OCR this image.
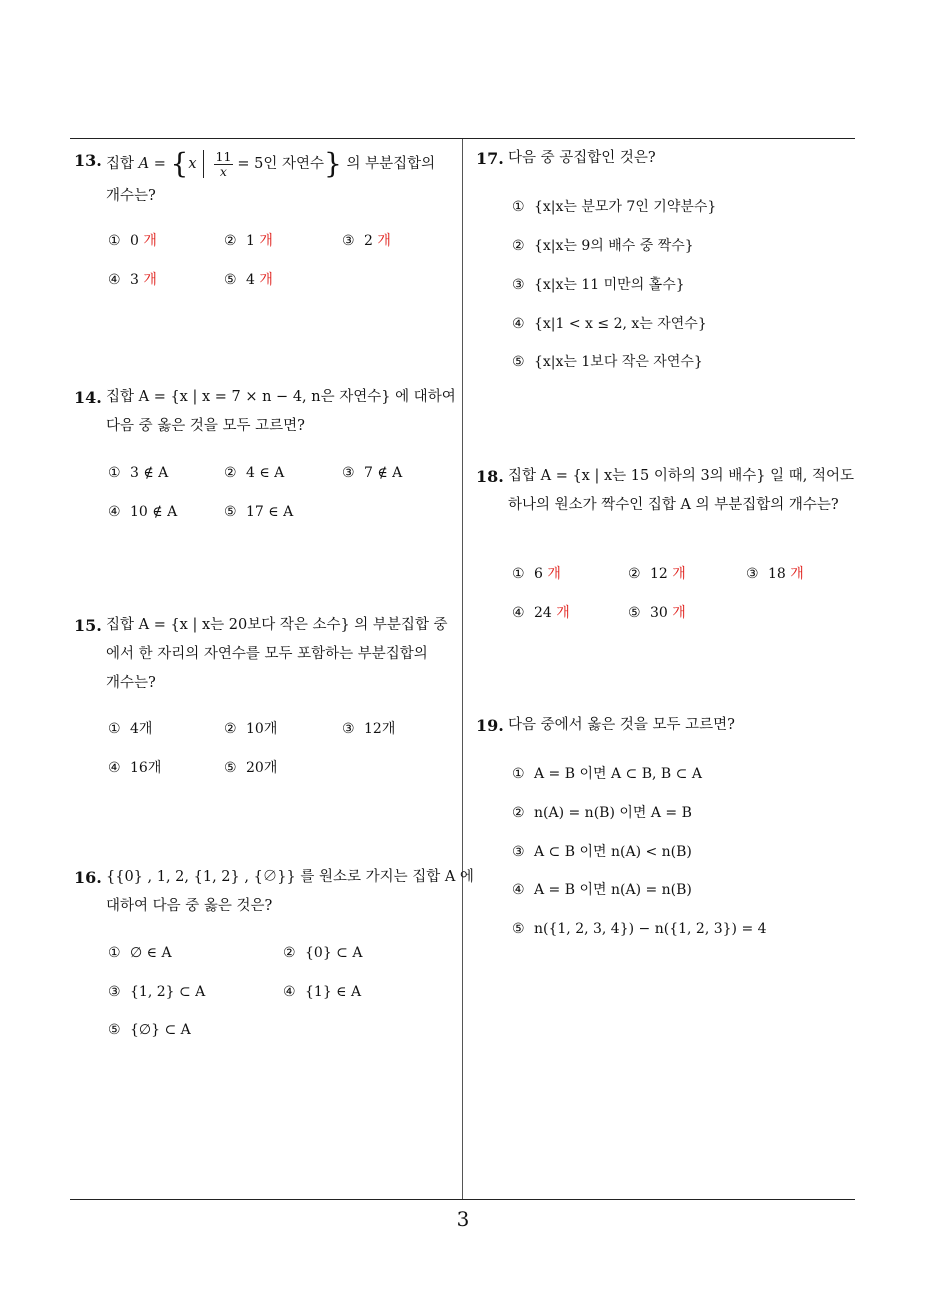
13. 집합 $A = \{x \frac{11}{x} = 5$인 자연수} 의 부분집합의
개수는?
① 0 개	② 1 개	③ 2 개
④ 3 개	⑤ 4 개
14. 집합 A = {x | x = 7 × n − 4, n은 자연수} 에 대하여
다음 중 옳은 것을 모두 고르면?
① 3 ∉ A	② 4 ∈ A	③ 7 ∉ A
④ 10 ∉ A	⑤ 17 ∈ A
15. 집합 A = {x | x는 20보다 작은 소수} 의 부분집합 중
에서 한 자리의 자연수를 모두 포함하는 부분집합의
개수는?
① 4개	② 10개	③ 12개
④ 16개	⑤ 20개
16. {{0} , 1, 2, {1, 2} , {∅}} 를 원소로 가지는 집합 A 에
대하여 다음 중 옳은 것은?
① ∅ ∈ A	② {0} ⊂ A
③ {1, 2} ⊂ A	④ {1} ∈ A
⑤ {∅} ⊂ A
17. 다음 중 공집합인 것은?
① {x|x는 분모가 7인 기약분수}
② {x|x는 9의 배수 중 짝수}
③ {x|x는 11 미만의 홀수}
④ {x|1 < x ≤ 2, x는 자연수}
⑤ {x|x는 1보다 작은 자연수}
18. 집합 A = {x | x는 15 이하의 3의 배수} 일 때, 적어도
하나의 원소가 짝수인 집합 A 의 부분집합의 개수는?
① 6 개	② 12 개	③ 18 개
④ 24 개	⑤ 30 개
19. 다음 중에서 옳은 것을 모두 고르면?
① A = B 이면 A ⊂ B, B ⊂ A
② n(A) = n(B) 이면 A = B
③ A ⊂ B 이면 n(A) < n(B)
④ A = B 이면 n(A) = n(B)
⑤ n({1, 2, 3, 4}) − n({1, 2, 3}) = 4
3
